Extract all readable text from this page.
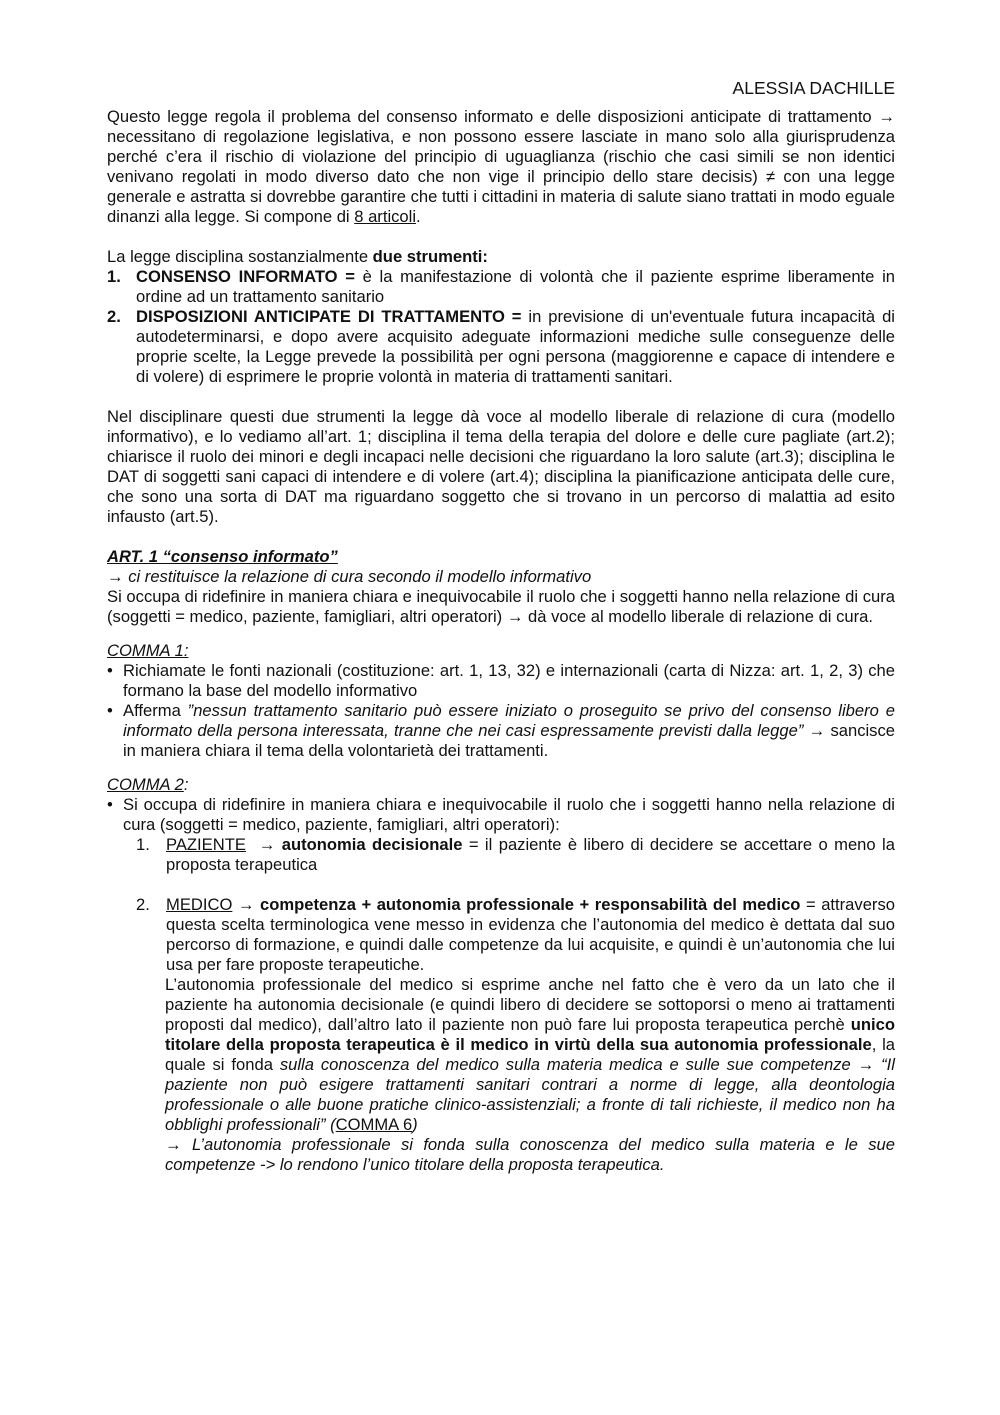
ALESSIA DACHILLE

Questo legge regola il problema del consenso informato e delle disposizioni anticipate di trattamento → necessitano di regolazione legislativa, e non possono essere lasciate in mano solo alla giurisprudenza perché c’era il rischio di violazione del principio di uguaglianza (rischio che casi simili se non identici venivano regolati in modo diverso dato che non vige il principio dello stare decisis) ≠ con una legge generale e astratta si dovrebbe garantire che tutti i cittadini in materia di salute siano trattati in modo eguale dinanzi alla legge. Si compone di 8 articoli.

La legge disciplina sostanzialmente due strumenti:

1. CONSENSO INFORMATO = è la manifestazione di volontà che il paziente esprime liberamente in ordine ad un trattamento sanitario
2. DISPOSIZIONI ANTICIPATE DI TRATTAMENTO = in previsione di un'eventuale futura incapacità di autodeterminarsi, e dopo avere acquisito adeguate informazioni mediche sulle conseguenze delle proprie scelte, la Legge prevede la possibilità per ogni persona (maggiorenne e capace di intendere e di volere) di esprimere le proprie volontà in materia di trattamenti sanitari.

Nel disciplinare questi due strumenti la legge dà voce al modello liberale di relazione di cura (modello informativo), e lo vediamo all’art. 1; disciplina il tema della terapia del dolore e delle cure pagliate (art.2); chiarisce il ruolo dei minori e degli incapaci nelle decisioni che riguardano la loro salute (art.3); disciplina le DAT di soggetti sani capaci di intendere e di volere (art.4); disciplina la pianificazione anticipata delle cure, che sono una sorta di DAT ma riguardano soggetto che si trovano in un percorso di malattia ad esito infausto (art.5).

ART. 1 “consenso informato”

→ ci restituisce la relazione di cura secondo il modello informativo

Si occupa di ridefinire in maniera chiara e inequivocabile il ruolo che i soggetti hanno nella relazione di cura (soggetti = medico, paziente, famigliari, altri operatori) → dà voce al modello liberale di relazione di cura.

COMMA 1:

• Richiamate le fonti nazionali (costituzione: art. 1, 13, 32) e internazionali (carta di Nizza: art. 1, 2, 3) che formano la base del modello informativo
• Afferma ”nessun trattamento sanitario può essere iniziato o proseguito se privo del consenso libero e informato della persona interessata, tranne che nei casi espressamente previsti dalla legge” → sancisce in maniera chiara il tema della volontarietà dei trattamenti.

COMMA 2:

• Si occupa di ridefinire in maniera chiara e inequivocabile il ruolo che i soggetti hanno nella relazione di cura (soggetti = medico, paziente, famigliari, altri operatori):
1. PAZIENTE  → autonomia decisionale = il paziente è libero di decidere se accettare o meno la proposta terapeutica
2. MEDICO → competenza + autonomia professionale + responsabilità del medico = attraverso questa scelta terminologica vene messo in evidenza che l’autonomia del medico è dettata dal suo percorso di formazione, e quindi dalle competenze da lui acquisite, e quindi è un’autonomia che lui usa per fare proposte terapeutiche.

L’autonomia professionale del medico si esprime anche nel fatto che è vero da un lato che il paziente ha autonomia decisionale (e quindi libero di decidere se sottoporsi o meno ai trattamenti proposti dal medico), dall’altro lato il paziente non può fare lui proposta terapeutica perchè unico titolare della proposta terapeutica è il medico in virtù della sua autonomia professionale, la quale si fonda sulla conoscenza del medico sulla materia medica e sulle sue competenze → “Il paziente non può esigere trattamenti sanitari contrari a norme di legge, alla deontologia professionale o alle buone pratiche clinico-assistenziali; a fronte di tali richieste, il medico non ha obblighi professionali” (COMMA 6)

→ L’autonomia professionale si fonda sulla conoscenza del medico sulla materia e le sue competenze -> lo rendono l’unico titolare della proposta terapeutica.
